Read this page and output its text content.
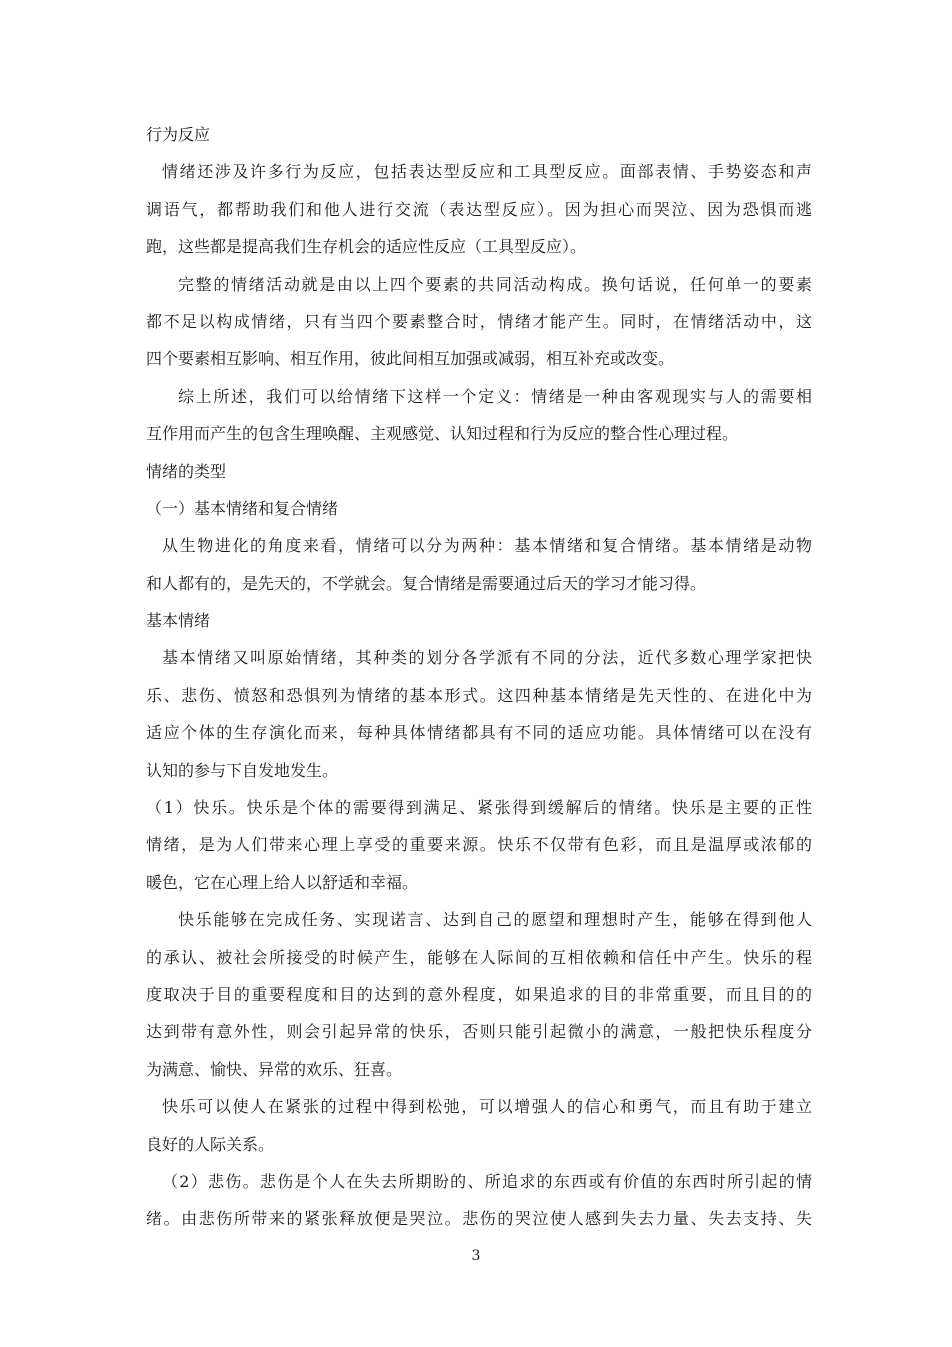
行为反应
情绪还涉及许多行为反应，包括表达型反应和工具型反应。面部表情、手势姿态和声
调语气，都帮助我们和他人进行交流（表达型反应）。因为担心而哭泣、因为恐惧而逃
跑，这些都是提高我们生存机会的适应性反应（工具型反应）。
完整的情绪活动就是由以上四个要素的共同活动构成。换句话说，任何单一的要素
都不足以构成情绪，只有当四个要素整合时，情绪才能产生。同时，在情绪活动中，这
四个要素相互影响、相互作用，彼此间相互加强或减弱，相互补充或改变。
综上所述，我们可以给情绪下这样一个定义：情绪是一种由客观现实与人的需要相
互作用而产生的包含生理唤醒、主观感觉、认知过程和行为反应的整合性心理过程。
情绪的类型
（一）基本情绪和复合情绪
从生物进化的角度来看，情绪可以分为两种：基本情绪和复合情绪。基本情绪是动物
和人都有的，是先天的，不学就会。复合情绪是需要通过后天的学习才能习得。
基本情绪
基本情绪又叫原始情绪，其种类的划分各学派有不同的分法，近代多数心理学家把快
乐、悲伤、愤怒和恐惧列为情绪的基本形式。这四种基本情绪是先天性的、在进化中为
适应个体的生存演化而来，每种具体情绪都具有不同的适应功能。具体情绪可以在没有
认知的参与下自发地发生。
（1）快乐。快乐是个体的需要得到满足、紧张得到缓解后的情绪。快乐是主要的正性
情绪，是为人们带来心理上享受的重要来源。快乐不仅带有色彩，而且是温厚或浓郁的
暖色，它在心理上给人以舒适和幸福。
快乐能够在完成任务、实现诺言、达到自己的愿望和理想时产生，能够在得到他人
的承认、被社会所接受的时候产生，能够在人际间的互相依赖和信任中产生。快乐的程
度取决于目的重要程度和目的达到的意外程度，如果追求的目的非常重要，而且目的的
达到带有意外性，则会引起异常的快乐，否则只能引起微小的满意，一般把快乐程度分
为满意、愉快、异常的欢乐、狂喜。
快乐可以使人在紧张的过程中得到松弛，可以增强人的信心和勇气，而且有助于建立
良好的人际关系。
（2）悲伤。悲伤是个人在失去所期盼的、所追求的东西或有价值的东西时所引起的情
绪。由悲伤所带来的紧张释放便是哭泣。悲伤的哭泣使人感到失去力量、失去支持、失
3
